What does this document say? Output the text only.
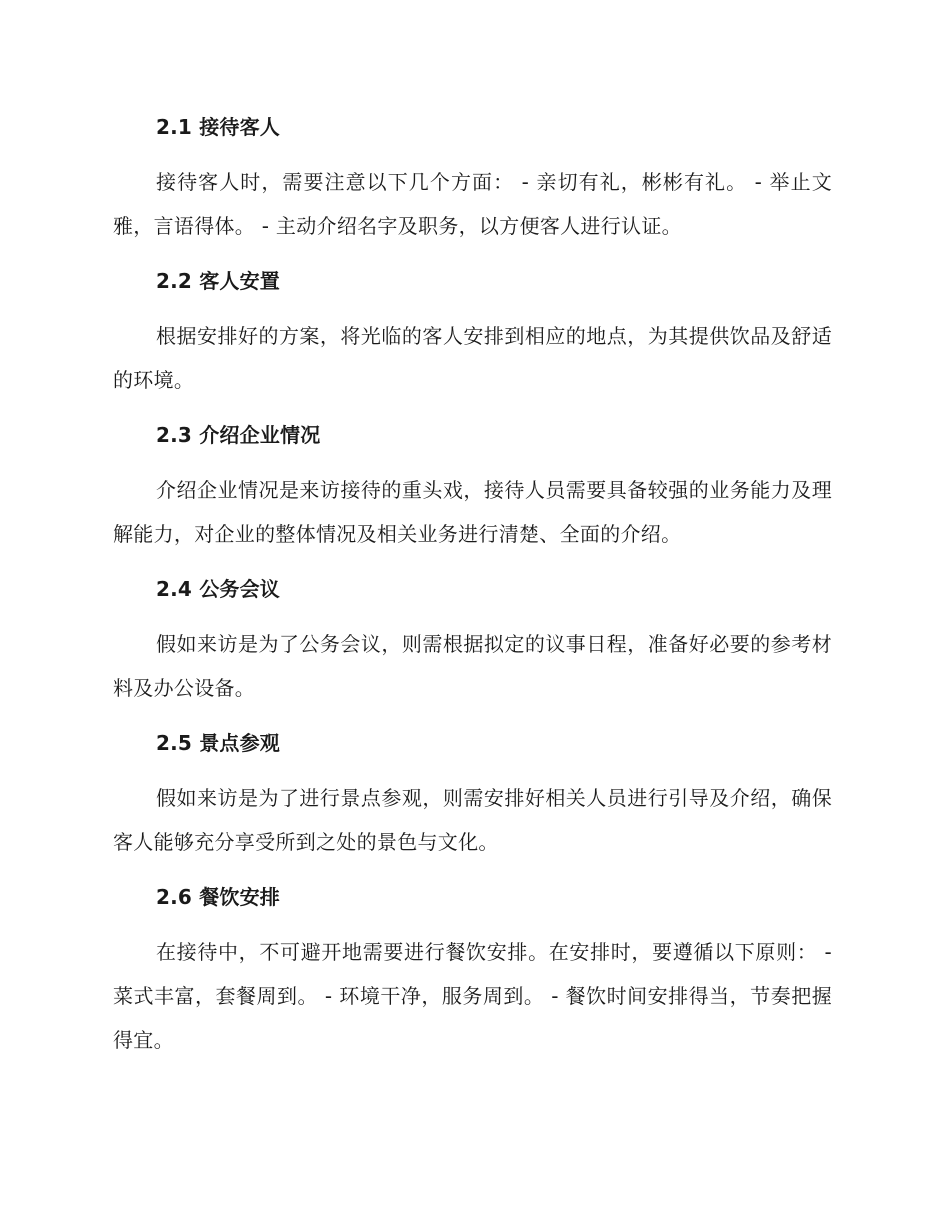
2.1 接待客人

接待客人时，需要注意以下几个方面： - 亲切有礼，彬彬有礼。 - 举止文雅，言语得体。 - 主动介绍名字及职务，以方便客人进行认证。

2.2 客人安置

根据安排好的方案，将光临的客人安排到相应的地点，为其提供饮品及舒适的环境。

2.3 介绍企业情况

介绍企业情况是来访接待的重头戏，接待人员需要具备较强的业务能力及理解能力，对企业的整体情况及相关业务进行清楚、全面的介绍。

2.4 公务会议

假如来访是为了公务会议，则需根据拟定的议事日程，准备好必要的参考材料及办公设备。

2.5 景点参观

假如来访是为了进行景点参观，则需安排好相关人员进行引导及介绍，确保客人能够充分享受所到之处的景色与文化。

2.6 餐饮安排

在接待中，不可避开地需要进行餐饮安排。在安排时，要遵循以下原则： - 菜式丰富，套餐周到。 - 环境干净，服务周到。 - 餐饮时间安排得当，节奏把握得宜。
